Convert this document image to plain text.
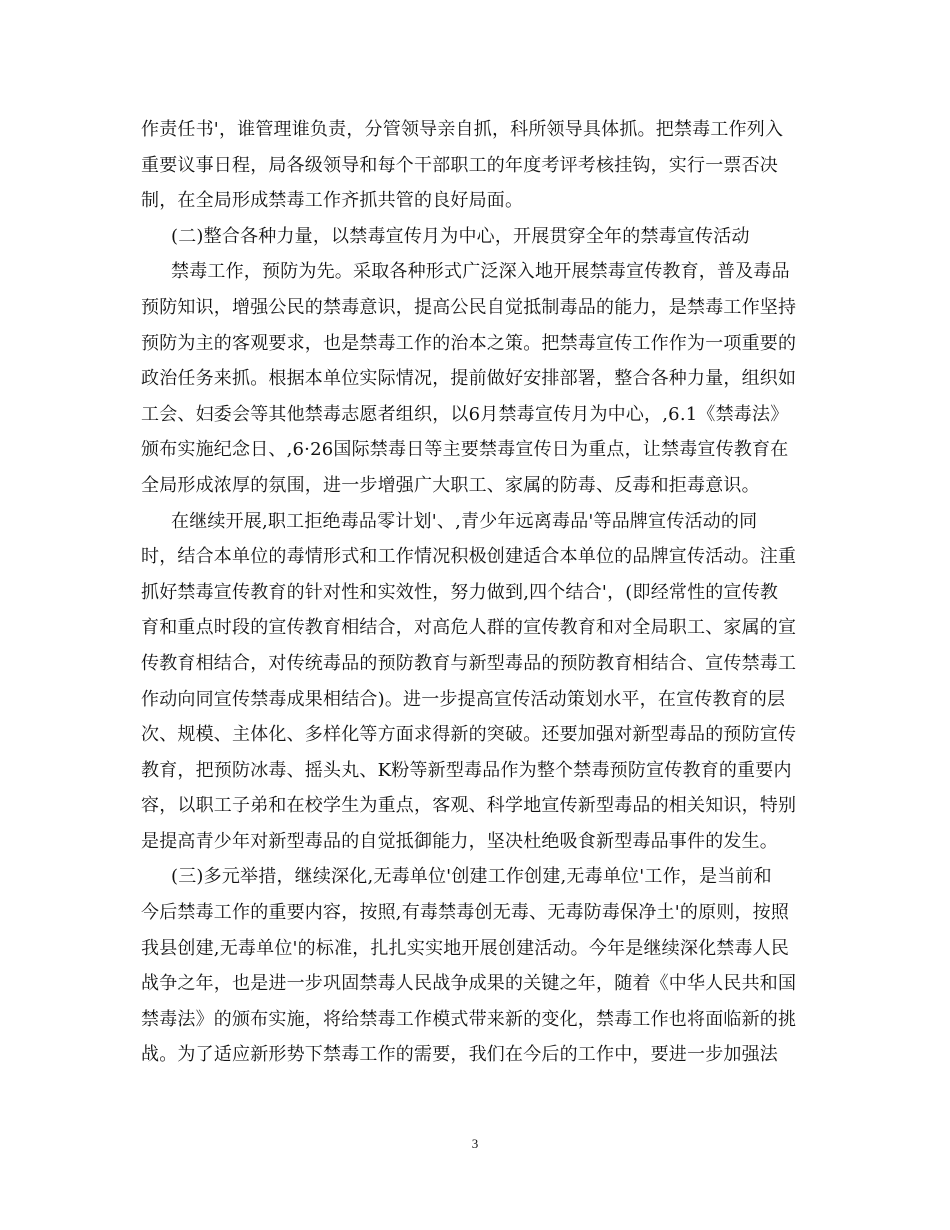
作责任书'，谁管理谁负责，分管领导亲自抓，科所领导具体抓。把禁毒工作列入
重要议事日程，局各级领导和每个干部职工的年度考评考核挂钩，实行一票否决
制，在全局形成禁毒工作齐抓共管的良好局面。
(二)整合各种力量，以禁毒宣传月为中心，开展贯穿全年的禁毒宣传活动
禁毒工作，预防为先。采取各种形式广泛深入地开展禁毒宣传教育，普及毒品
预防知识，增强公民的禁毒意识，提高公民自觉抵制毒品的能力，是禁毒工作坚持
预防为主的客观要求，也是禁毒工作的治本之策。把禁毒宣传工作作为一项重要的
政治任务来抓。根据本单位实际情况，提前做好安排部署，整合各种力量，组织如
工会、妇委会等其他禁毒志愿者组织，以6月禁毒宣传月为中心，,6.1《禁毒法》
颁布实施纪念日、,6·26国际禁毒日等主要禁毒宣传日为重点，让禁毒宣传教育在
全局形成浓厚的氛围，进一步增强广大职工、家属的防毒、反毒和拒毒意识。
在继续开展,职工拒绝毒品零计划'、,青少年远离毒品'等品牌宣传活动的同
时，结合本单位的毒情形式和工作情况积极创建适合本单位的品牌宣传活动。注重
抓好禁毒宣传教育的针对性和实效性，努力做到,四个结合'，(即经常性的宣传教
育和重点时段的宣传教育相结合，对高危人群的宣传教育和对全局职工、家属的宣
传教育相结合，对传统毒品的预防教育与新型毒品的预防教育相结合、宣传禁毒工
作动向同宣传禁毒成果相结合)。进一步提高宣传活动策划水平，在宣传教育的层
次、规模、主体化、多样化等方面求得新的突破。还要加强对新型毒品的预防宣传
教育，把预防冰毒、摇头丸、K粉等新型毒品作为整个禁毒预防宣传教育的重要内
容，以职工子弟和在校学生为重点，客观、科学地宣传新型毒品的相关知识，特别
是提高青少年对新型毒品的自觉抵御能力，坚决杜绝吸食新型毒品事件的发生。
(三)多元举措，继续深化,无毒单位'创建工作创建,无毒单位'工作，是当前和
今后禁毒工作的重要内容，按照,有毒禁毒创无毒、无毒防毒保净土'的原则，按照
我县创建,无毒单位'的标准，扎扎实实地开展创建活动。今年是继续深化禁毒人民
战争之年，也是进一步巩固禁毒人民战争成果的关键之年，随着《中华人民共和国
禁毒法》的颁布实施，将给禁毒工作模式带来新的变化，禁毒工作也将面临新的挑
战。为了适应新形势下禁毒工作的需要，我们在今后的工作中，要进一步加强法
3
